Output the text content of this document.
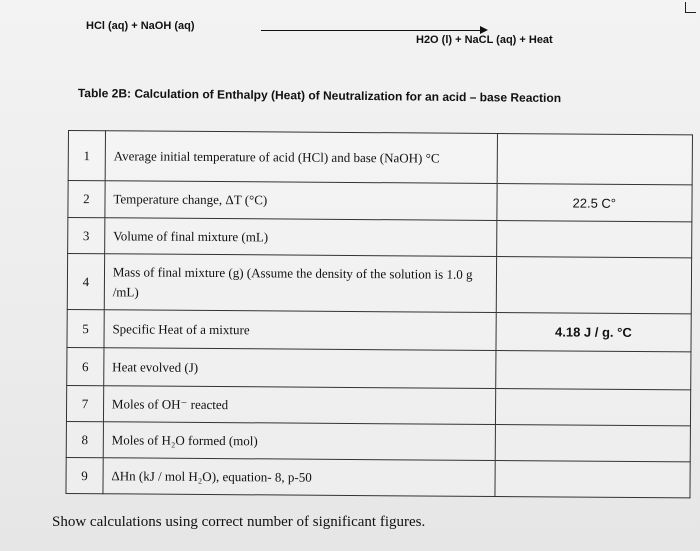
HCl (aq) + NaOH (aq)
H2O (l) + NaCL (aq) + Heat
Table 2B: Calculation of Enthalpy (Heat) of Neutralization for an acid – base Reaction
1	Average initial temperature of acid (HCl) and base (NaOH) °C	
2	Temperature change, ΔT (°C)	22.5 C°
3	Volume of final mixture (mL)	
4	Mass of final mixture (g) (Assume the density of the solution is 1.0 g /mL)	
5	Specific Heat of a mixture	4.18 J / g. °C
6	Heat evolved (J)	
7	Moles of OH⁻ reacted	
8	Moles of H₂O formed (mol)	
9	ΔHn (kJ / mol H₂O), equation- 8, p-50	
Show calculations using correct number of significant figures.
